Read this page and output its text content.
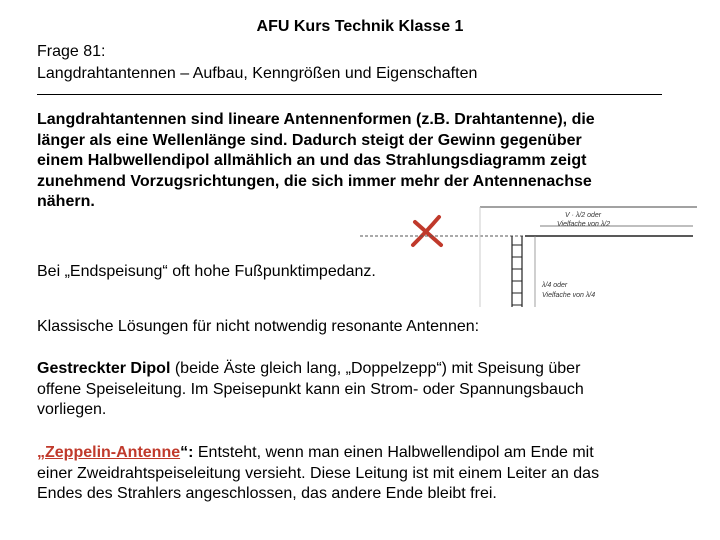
AFU Kurs Technik Klasse 1
Frage 81:
Langdrahtantennen – Aufbau, Kenngrößen und Eigenschaften
Langdrahtantennen sind lineare Antennenformen (z.B. Drahtantenne), die
länger als eine Wellenlänge sind. Dadurch steigt der Gewinn gegenüber
einem Halbwellendipol allmählich an und das Strahlungsdiagramm zeigt
zunehmend Vorzugsrichtungen, die sich immer mehr der Antennenachse
nähern.
V · λ/2 oder
Vielfache von λ/2
λ/4 oder
Vielfache von λ/4
Bei „Endspeisung“ oft hohe Fußpunktimpedanz.
Klassische Lösungen für nicht notwendig resonante Antennen:
Gestreckter Dipol (beide Äste gleich lang, „Doppelzepp“) mit Speisung über
offene Speiseleitung. Im Speisepunkt kann ein Strom- oder Spannungsbauch
vorliegen.
„Zeppelin-Antenne“: Entsteht, wenn man einen Halbwellendipol am Ende mit
einer Zweidrahtspeiseleitung versieht. Diese Leitung ist mit einem Leiter an das
Endes des Strahlers angeschlossen, das andere Ende bleibt frei.
